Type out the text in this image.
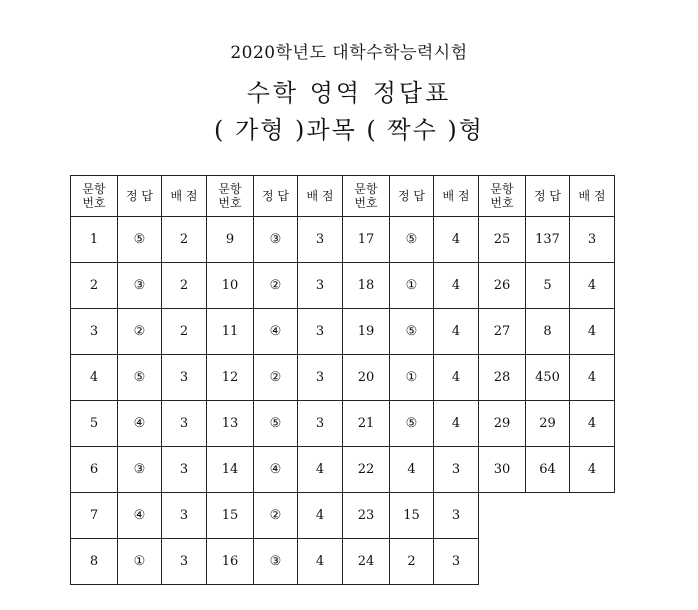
2020학년도 대학수학능력시험
수학 영역 정답표
( 가형 )과목 ( 짝수 )형
문항
번호	정 답	배 점	문항
번호	정 답	배 점	문항
번호	정 답	배 점	문항
번호	정 답	배 점
1	⑤	2	9	③	3	17	⑤	4	25	137	3
2	③	2	10	②	3	18	①	4	26	5	4
3	②	2	11	④	3	19	⑤	4	27	8	4
4	⑤	3	12	②	3	20	①	4	28	450	4
5	④	3	13	⑤	3	21	⑤	4	29	29	4
6	③	3	14	④	4	22	4	3	30	64	4
7	④	3	15	②	4	23	15	3			
8	①	3	16	③	4	24	2	3			
